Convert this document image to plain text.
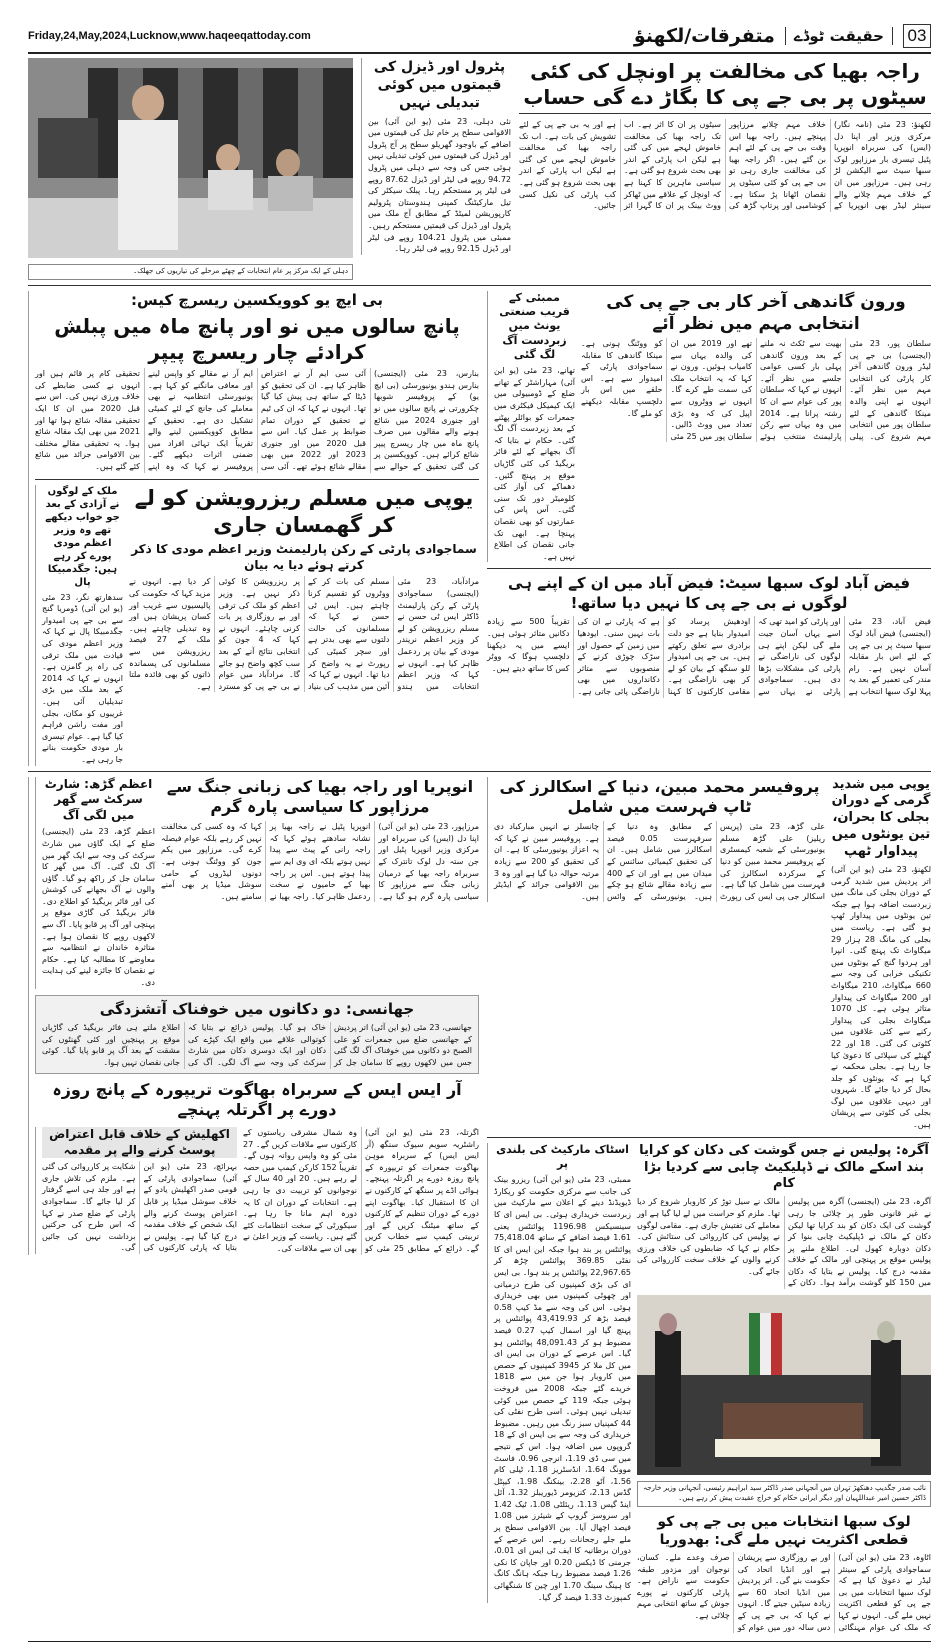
Friday,24,May,2024,Lucknow,www.haqeeqattoday.com	متفرقات/لکھنؤ	حقیقت ٹوڈے	03
راجہ بھیا کی مخالفت پر اونچل کی کئی سیٹوں پر بی جے پی کا بگاڑ دے گی حساب
لکھنؤ: 23 مئی (نامہ نگار) مرکزی وزیر اور اپنا دل (ایس) کی سربراہ انوپریا پٹیل تیسری بار مرزاپور لوک سبھا سیٹ سے الیکشن لڑ رہی ہیں۔ مرزاپور میں ان کے خلاف مہم چلانے والے سینئر لیڈر بھی انوپریا کے خلاف مہم چلانے مرزاپور پہنچے ہیں۔ راجہ بھیا اس وقت بی جے پی کے لئے اہم بن گئے ہیں۔ اگر راجہ بھیا کی مخالفت جاری رہی تو بی جے پی کو کئی سیٹوں پر نقصان اٹھانا پڑ سکتا ہے۔ کوشامبی اور پرتاپ گڑھ کی سیٹوں پر ان کا اثر ہے۔ اب تک راجہ بھیا کی مخالفت خاموش لہجے میں کی گئی ہے لیکن اب پارٹی کے اندر بھی بحث شروع ہو گئی ہے۔ سیاسی ماہرین کا کہنا ہے کہ اونچل کے علاقے میں ٹھاکر ووٹ بینک پر ان کا گہرا اثر ہے اور یہ بی جے پی کے لئے تشویش کی بات ہے۔ اب تک راجہ بھیا کی مخالفت خاموش لہجے میں کی گئی ہے لیکن اب پارٹی کے اندر بھی بحث شروع ہو گئی ہے۔ کب پارٹی کی نکیل کسی جائیں۔
پٹرول اور ڈیزل کی قیمتوں میں کوئی تبدیلی نہیں
نئی دہلی، 23 مئی (یو این آئی) بین الاقوامی سطح پر خام تیل کی قیمتوں میں اضافے کے باوجود گھریلو سطح پر آج پٹرول اور ڈیزل کی قیمتوں میں کوئی تبدیلی نہیں ہوئی جس کی وجہ سے دہلی میں پٹرول 94.72 روپے فی لیٹر اور ڈیزل 87.62 روپے فی لیٹر پر مستحکم رہا۔ پبلک سیکٹر کی تیل مارکیٹنگ کمپنی ہندوستان پٹرولیم کارپوریشن لمیٹڈ کے مطابق آج ملک میں پٹرول اور ڈیزل کی قیمتیں مستحکم رہیں۔ ممبئی میں پٹرول 104.21 روپے فی لیٹر اور ڈیزل 92.15 روپے فی لیٹر رہا۔
دہلی کے ایک مرکز پر عام انتخابات کے چھٹے مرحلے کی تیاریوں کی جھلک۔
ورون گاندھی آخر کار بی جے پی کی انتخابی مہم میں نظر آئے
سلطان پور، 23 مئی (ایجنسی) بی جے پی لیڈر ورون گاندھی آخر کار پارٹی کی انتخابی مہم میں نظر آئے۔ انہوں نے اپنی والدہ مینکا گاندھی کے لئے سلطان پور میں انتخابی مہم شروع کی۔ پیلی بھیت سے ٹکٹ نہ ملنے کے بعد ورون گاندھی پہلی بار کسی عوامی جلسے میں نظر آئے۔ انہوں نے کہا کہ سلطان پور کی عوام سے ان کا رشتہ پرانا ہے۔ 2014 میں وہ یہاں سے رکن پارلیمنٹ منتخب ہوئے تھے اور 2019 میں ان کی والدہ یہاں سے کامیاب ہوئیں۔ ورون نے کہا کہ یہ انتخاب ملک کی سمت طے کرے گا۔ انہوں نے ووٹروں سے اپیل کی کہ وہ بڑی تعداد میں ووٹ ڈالیں۔ سلطان پور میں 25 مئی کو ووٹنگ ہونی ہے۔ مینکا گاندھی کا مقابلہ سماجوادی پارٹی کے امیدوار سے ہے۔ اس حلقے میں اس بار دلچسپ مقابلہ دیکھنے کو ملے گا۔
ممبئی کے قریب صنعتی یونٹ میں زبردست آگ لگ گئی
تھانے، 23 مئی (یو این آئی) مہاراشٹر کے تھانے ضلع کے ڈومبیولی میں ایک کیمیکل فیکٹری میں جمعرات کو بوائلر پھٹنے کے بعد زبردست آگ لگ گئی۔ حکام نے بتایا کہ آگ بجھانے کے لئے فائر بریگیڈ کی کئی گاڑیاں موقع پر پہنچ گئیں۔ دھماکے کی آواز کئی کلومیٹر دور تک سنی گئی۔ آس پاس کی عمارتوں کو بھی نقصان پہنچا ہے۔ ابھی تک جانی نقصان کی اطلاع نہیں ہے۔
فیض آباد لوک سبھا سیٹ: فیض آباد میں ان کے اپنے ہی لوگوں نے بی جے پی کا نہیں دیا ساتھ!
فیض آباد، 23 مئی (ایجنسی) فیض آباد لوک سبھا سیٹ پر بی جے پی کے لئے اس بار مقابلہ آسان نہیں ہے۔ رام مندر کی تعمیر کے بعد یہ پہلا لوک سبھا انتخاب ہے اور پارٹی کو امید تھی کہ اسے یہاں آسان جیت ملے گی لیکن اپنے ہی لوگوں کی ناراضگی نے پارٹی کی مشکلات بڑھا دی ہیں۔ سماجوادی پارٹی نے یہاں سے اودھیش پرساد کو امیدوار بنایا ہے جو دلت برادری سے تعلق رکھتے ہیں۔ بی جے پی امیدوار للو سنگھ کے بیان کو لے کر بھی ناراضگی ہے۔ مقامی کارکنوں کا کہنا ہے کہ پارٹی نے ان کی بات نہیں سنی۔ ایودھیا میں زمین کے حصول اور سڑک چوڑی کرنے کے منصوبوں سے متاثر دکانداروں میں بھی ناراضگی پائی جاتی ہے۔ تقریباً 500 سے زیادہ دکانیں متاثر ہوئی ہیں۔ ایسے میں یہ دیکھنا دلچسپ ہوگا کہ ووٹر کس کا ساتھ دیتے ہیں۔
بی ایچ یو کوویکسین ریسرچ کیس:
پانچ سالوں میں نو اور پانچ ماہ میں پبلش کرادئے چار ریسرچ پیپر
بنارس، 23 مئی (ایجنسی) بنارس ہندو یونیورسٹی (بی ایچ یو) کے پروفیسر شوبھا چکرورتی نے پانچ سالوں میں نو اور جنوری 2024 میں شائع ہونے والے مقالوں میں صرف پانچ ماہ میں چار ریسرچ پیپر شائع کرائے ہیں۔ کوویکسین پر کی گئی تحقیق کے حوالے سے آئی سی ایم آر نے اعتراض ظاہر کیا ہے۔ ان کی تحقیق کو ڈیٹا کے ساتھ ہی پیش کیا گیا تھا۔ انہوں نے کہا کہ ان کی ٹیم نے تحقیق کے دوران تمام ضوابط پر عمل کیا۔ اس سے قبل 2020 میں اور جنوری 2023 اور 2022 میں بھی مقالے شائع ہوئے تھے۔ آئی سی ایم آر نے مقالے کو واپس لینے اور معافی مانگنے کو کہا ہے۔ یونیورسٹی انتظامیہ نے بھی معاملے کی جانچ کے لئے کمیٹی تشکیل دی ہے۔ تحقیق کے مطابق کوویکسین لینے والے تقریباً ایک تہائی افراد میں ضمنی اثرات دیکھے گئے۔ پروفیسر نے کہا کہ وہ اپنے تحقیقی کام پر قائم ہیں اور انہوں نے کسی ضابطے کی خلاف ورزی نہیں کی۔ اس سے قبل 2020 میں ان کا ایک تحقیقی مقالہ شائع ہوا تھا اور 2021 میں بھی ایک مقالہ شائع ہوا۔ یہ تحقیقی مقالے مختلف بین الاقوامی جرائد میں شائع کئے گئے ہیں۔
ملک کے لوگوں نے آزادی کے بعد جو خواب دیکھے تھے وہ وزیر اعظم مودی پورے کر رہے ہیں: جگدمبیکا پال
سدھارتھ نگر، 23 مئی (یو این آئی) ڈومریا گنج سے بی جے پی امیدوار جگدمبیکا پال نے کہا کہ وزیر اعظم مودی کی قیادت میں ملک ترقی کی راہ پر گامزن ہے۔ انہوں نے کہا کہ 2014 کے بعد ملک میں بڑی تبدیلیاں آئی ہیں۔ غریبوں کو مکان، بجلی اور مفت راشن فراہم کیا گیا ہے۔ عوام تیسری بار مودی حکومت بنانے جا رہی ہے۔
یوپی میں مسلم ریزرویشن کو لے کر گھمسان جاری
سماجوادی پارٹی کے رکن پارلیمنٹ وزیر اعظم مودی کا ذکر کرتے ہوئے دیا یہ بیان
مرادآباد، 23 مئی (ایجنسی) سماجوادی پارٹی کے رکن پارلیمنٹ ڈاکٹر ایس ٹی حسن نے مسلم ریزرویشن کو لے کر وزیر اعظم نریندر مودی کے بیان پر ردعمل ظاہر کیا ہے۔ انہوں نے کہا کہ وزیر اعظم انتخابات میں ہندو مسلم کی بات کر کے ووٹروں کو تقسیم کرنا چاہتے ہیں۔ ایس ٹی حسن نے کہا کہ مسلمانوں کی حالت دلتوں سے بھی بدتر ہے اور سچر کمیٹی کی رپورٹ نے یہ واضح کر دیا تھا۔ انہوں نے کہا کہ آئین میں مذہب کی بنیاد پر ریزرویشن کا کوئی ذکر نہیں ہے۔ وزیر اعظم کو ملک کی ترقی اور بے روزگاری پر بات کرنی چاہئے۔ انہوں نے کہا کہ 4 جون کو انتخابی نتائج آنے کے بعد سب کچھ واضح ہو جائے گا۔ مرادآباد میں عوام نے بی جے پی کو مسترد کر دیا ہے۔ انہوں نے مزید کہا کہ حکومت کی پالیسیوں سے غریب اور کسان پریشان ہیں اور وہ تبدیلی چاہتے ہیں۔ ملک کے 27 فیصد ریزرویشن میں سے مسلمانوں کی پسماندہ ذاتوں کو بھی فائدہ ملتا ہے۔
یوپی میں شدید گرمی کے دوران بجلی کا بحران، تین یونٹوں میں پیداوار ٹھپ
لکھنؤ، 23 مئی (یو این آئی) اتر پردیش میں شدید گرمی کے دوران بجلی کی مانگ میں زبردست اضافہ ہوا ہے جبکہ تین یونٹوں میں پیداوار ٹھپ ہو گئی ہے۔ ریاست میں بجلی کی مانگ 28 ہزار 29 میگاواٹ تک پہنچ گئی۔ انپرا اور ہردوا گنج کے یونٹوں میں تکنیکی خرابی کی وجہ سے 660 میگاواٹ، 210 میگاواٹ اور 200 میگاواٹ کی پیداوار متاثر ہوئی ہے۔ کل 1070 میگاواٹ بجلی کی پیداوار رکنے سے کئی علاقوں میں کٹوتی کی گئی۔ 18 اور 22 گھنٹے کی سپلائی کا دعویٰ کیا جا رہا ہے۔ بجلی محکمہ نے کہا ہے کہ یونٹوں کو جلد بحال کر دیا جائے گا۔ شہروں اور دیہی علاقوں میں لوگ بجلی کی کٹوتی سے پریشان ہیں۔
پروفیسر محمد مبین، دنیا کے اسکالرز کی ٹاپ فہرست میں شامل
علی گڑھ، 23 مئی (پریس ریلیز) علی گڑھ مسلم یونیورسٹی کے شعبہ کیمسٹری کے پروفیسر محمد مبین کو دنیا کے سرکردہ اسکالرز کی فہرست میں شامل کیا گیا ہے۔ اسکالر جی پی ایس کی رپورٹ کے مطابق وہ دنیا کے سرفہرست 0.05 فیصد اسکالرز میں شامل ہیں۔ ان کی تحقیق کیمیائی سائنس کے میدان میں ہے اور ان کے 400 سے زیادہ مقالے شائع ہو چکے ہیں۔ یونیورسٹی کے وائس چانسلر نے انہیں مبارکباد دی ہے۔ پروفیسر مبین نے کہا کہ یہ اعزاز یونیورسٹی کا ہے۔ ان کی تحقیق کو 200 سے زیادہ مرتبہ حوالہ دیا گیا ہے اور وہ 3 بین الاقوامی جرائد کے ایڈیٹر ہیں۔
آگرہ: پولیس نے جس گوشت کی دکان کو کرایا بند اسکے مالک نے ڈپلیکیٹ چابی سے کردیا بڑا کام
آگرہ، 23 مئی (ایجنسی) آگرہ میں پولیس نے غیر قانونی طور پر چلائی جا رہی گوشت کی ایک دکان کو بند کرایا تھا لیکن دکان کے مالک نے ڈپلیکیٹ چابی بنوا کر دکان دوبارہ کھول لی۔ اطلاع ملنے پر پولیس موقع پر پہنچی اور مالک کے خلاف مقدمہ درج کیا۔ پولیس نے بتایا کہ دکان میں 150 کلو گوشت برآمد ہوا۔ دکان کے مالک نے سیل توڑ کر کاروبار شروع کر دیا تھا۔ ملزم کو حراست میں لے لیا گیا ہے اور معاملے کی تفتیش جاری ہے۔ مقامی لوگوں نے پولیس کی کارروائی کی ستائش کی۔ حکام نے کہا کہ ضابطوں کی خلاف ورزی کرنے والوں کے خلاف سخت کارروائی کی جائے گی۔
نائب صدر جگدیپ دھنکھڑ تہران میں آنجہانی صدر ڈاکٹر سید ابراہیم رئیسی، آنجہانی وزیر خارجہ ڈاکٹر حسین امیر عبداللہیان اور دیگر ایرانی حکام کو خراج عقیدت پیش کر رہے ہیں۔
لوک سبھا انتخابات میں بی جے پی کو قطعی اکثریت نہیں ملے گی: بھدوریا
اٹاوہ، 23 مئی (یو این آئی) سماجوادی پارٹی کے سینئر لیڈر نے دعویٰ کیا ہے کہ لوک سبھا انتخابات میں بی جے پی کو قطعی اکثریت نہیں ملے گی۔ انہوں نے کہا کہ ملک کی عوام مہنگائی اور بے روزگاری سے پریشان ہے اور انڈیا اتحاد کی حکومت بنے گی۔ اتر پردیش میں انڈیا اتحاد 60 سے زیادہ سیٹیں جیتے گا۔ انہوں نے کہا کہ بی جے پی کے دس سالہ دور میں عوام کو صرف وعدے ملے۔ کسان، نوجوان اور مزدور طبقہ حکومت سے ناراض ہے۔ پارٹی کارکنوں نے پورے جوش کے ساتھ انتخابی مہم چلائی ہے۔
اسٹاک مارکیٹ کی بلندی پر
ممبئی، 23 مئی (یو این آئی) ریزرو بینک کی جانب سے مرکزی حکومت کو ریکارڈ ڈیویڈنڈ دینے کے اعلان سے مارکیٹ میں زبردست خریداری ہوئی۔ بی ایس ای کا سینسیکس 1196.98 پوائنٹس یعنی 1.61 فیصد اضافے کے ساتھ 75,418.04 پوائنٹس پر بند ہوا جبکہ این ایس ای کا نفٹی 369.85 پوائنٹس چڑھ کر 22,967.65 پوائنٹس پر بند ہوا۔ بی ایس ای کی بڑی کمپنیوں کی طرح درمیانی اور چھوٹی کمپنیوں میں بھی خریداری ہوئی۔ اس کی وجہ سے مڈ کیپ 0.58 فیصد بڑھ کر 43,419.93 پوائنٹس پر پہنچ گیا اور اسمال کیپ 0.27 فیصد مضبوط ہو کر 48,091.43 پوائنٹس ہو گیا۔ اس عرصے کے دوران بی ایس ای میں کل ملا کر 3945 کمپنیوں کے حصص میں کاروبار ہوا جن میں سے 1818 خریدے گئے جبکہ 2008 میں فروخت ہوئی جبکہ 119 کے حصص میں کوئی تبدیلی نہیں ہوئی۔ اسی طرح نفٹی کی 44 کمپنیاں سبز رنگ میں رہیں۔ مضبوط خریداری کی وجہ سے بی ایس ای کے 18 گروپوں میں اضافہ ہوا۔ اس کے نتیجے میں سی ڈی 1.19، انرجی 0.96، فاسٹ موونگ 1.64، انڈسٹریز 1.18، ٹیلی کام 1.56، آٹو 2.28، بینکنگ 1.98، کیپٹل گڈس 2.13، کنزیومر ڈیوریبلز 1.32، آئل اینڈ گیس 1.13، ریئلٹی 1.08، ٹیک 1.42 اور سروسز گروپ کے شیئرز میں 1.08 فیصد اچھال آیا۔ بین الاقوامی سطح پر ملے جلے رجحانات رہے۔ اس عرصے کے دوران برطانیہ کا ایف ٹی ایس ای 0.01، جرمنی کا ڈیکس 0.20 اور جاپان کا نکی 1.26 فیصد مضبوط رہا جبکہ ہانگ کانگ کا ہینگ سینگ 1.70 اور چین کا شنگھائی کمپوزٹ 1.33 فیصد گر گیا۔
انوپریا اور راجہ بھیا کی زبانی جنگ سے مرزاپور کا سیاسی پارہ گرم
مرزاپور، 23 مئی (یو این آئی) اپنا دل (ایس) کی سربراہ اور مرکزی وزیر انوپریا پٹیل اور جن ستہ دل لوک تانترک کے سربراہ راجہ بھیا کے درمیان زبانی جنگ سے مرزاپور کا سیاسی پارہ گرم ہو گیا ہے۔ انوپریا پٹیل نے راجہ بھیا پر نشانہ سادھتے ہوئے کہا کہ راجہ رانی کے پیٹ سے پیدا نہیں ہوتے بلکہ ای وی ایم سے پیدا ہوتے ہیں۔ اس پر راجہ بھیا کے حامیوں نے سخت ردعمل ظاہر کیا۔ راجہ بھیا نے کہا کہ وہ کسی کی مخالفت نہیں کر رہے بلکہ عوام فیصلہ کرے گی۔ مرزاپور میں یکم جون کو ووٹنگ ہونی ہے۔ دونوں لیڈروں کے حامی سوشل میڈیا پر بھی آمنے سامنے ہیں۔
اعظم گڑھ: شارٹ سرکٹ سے گھر میں لگی آگ
اعظم گڑھ، 23 مئی (ایجنسی) ضلع کے ایک گاؤں میں شارٹ سرکٹ کی وجہ سے ایک گھر میں آگ لگ گئی۔ آگ میں گھر کا سامان جل کر راکھ ہو گیا۔ گاؤں والوں نے آگ بجھانے کی کوشش کی اور فائر بریگیڈ کو اطلاع دی۔ فائر بریگیڈ کی گاڑی موقع پر پہنچی اور آگ پر قابو پایا۔ آگ سے لاکھوں روپے کا نقصان ہوا ہے۔ متاثرہ خاندان نے انتظامیہ سے معاوضے کا مطالبہ کیا ہے۔ حکام نے نقصان کا جائزہ لینے کی ہدایت دی۔
جھانسی: دو دکانوں میں خوفناک آتشزدگی
جھانسی، 23 مئی (یو این آئی) اتر پردیش کے جھانسی ضلع میں جمعرات کو علی الصبح دو دکانوں میں خوفناک آگ لگ گئی جس میں لاکھوں روپے کا سامان جل کر خاک ہو گیا۔ پولیس ذرائع نے بتایا کہ کوتوالی علاقے میں واقع ایک کپڑے کی دکان اور ایک دوسری دکان میں شارٹ سرکٹ کی وجہ سے آگ لگی۔ آگ کی اطلاع ملتے ہی فائر بریگیڈ کی گاڑیاں موقع پر پہنچیں اور کئی گھنٹوں کی مشقت کے بعد آگ پر قابو پایا گیا۔ کوئی جانی نقصان نہیں ہوا۔
آر ایس ایس کے سربراہ بھاگوت تریپورہ کے پانچ روزہ دورے پر اگرتلہ پہنچے
اگرتلہ، 23 مئی (یو این آئی) راشٹریہ سویم سیوک سنگھ (آر ایس ایس) کے سربراہ موہن بھاگوت جمعرات کو تریپورہ کے پانچ روزہ دورے پر اگرتلہ پہنچے۔ ہوائی اڈے پر سنگھ کے کارکنوں نے ان کا استقبال کیا۔ بھاگوت اپنے دورے کے دوران تنظیم کے کارکنوں کے ساتھ میٹنگ کریں گے اور تربیتی کیمپ سے خطاب کریں گے۔ ذرائع کے مطابق 25 مئی کو وہ شمال مشرقی ریاستوں کے کارکنوں سے ملاقات کریں گے۔ 27 مئی کو وہ واپس روانہ ہوں گے۔ تقریباً 152 کارکن کیمپ میں حصہ لے رہے ہیں۔ 20 اور 40 سال کے نوجوانوں کو تربیت دی جا رہی ہے۔ انتخابات کے دوران ان کا یہ دورہ اہم مانا جا رہا ہے۔ سیکورٹی کے سخت انتظامات کئے گئے ہیں۔ ریاست کے وزیر اعلیٰ نے بھی ان سے ملاقات کی۔
اکھلیش کے خلاف قابل اعتراض پوسٹ کرنے والے پر مقدمہ
بہرائچ، 23 مئی (یو این آئی) سماجوادی پارٹی کے قومی صدر اکھلیش یادو کے خلاف سوشل میڈیا پر قابل اعتراض پوسٹ کرنے والے ایک شخص کے خلاف مقدمہ درج کیا گیا ہے۔ پولیس نے بتایا کہ پارٹی کارکنوں کی شکایت پر کارروائی کی گئی ہے۔ ملزم کی تلاش جاری ہے اور جلد ہی اسے گرفتار کر لیا جائے گا۔ سماجوادی پارٹی کے ضلع صدر نے کہا کہ اس طرح کی حرکتیں برداشت نہیں کی جائیں گی۔
